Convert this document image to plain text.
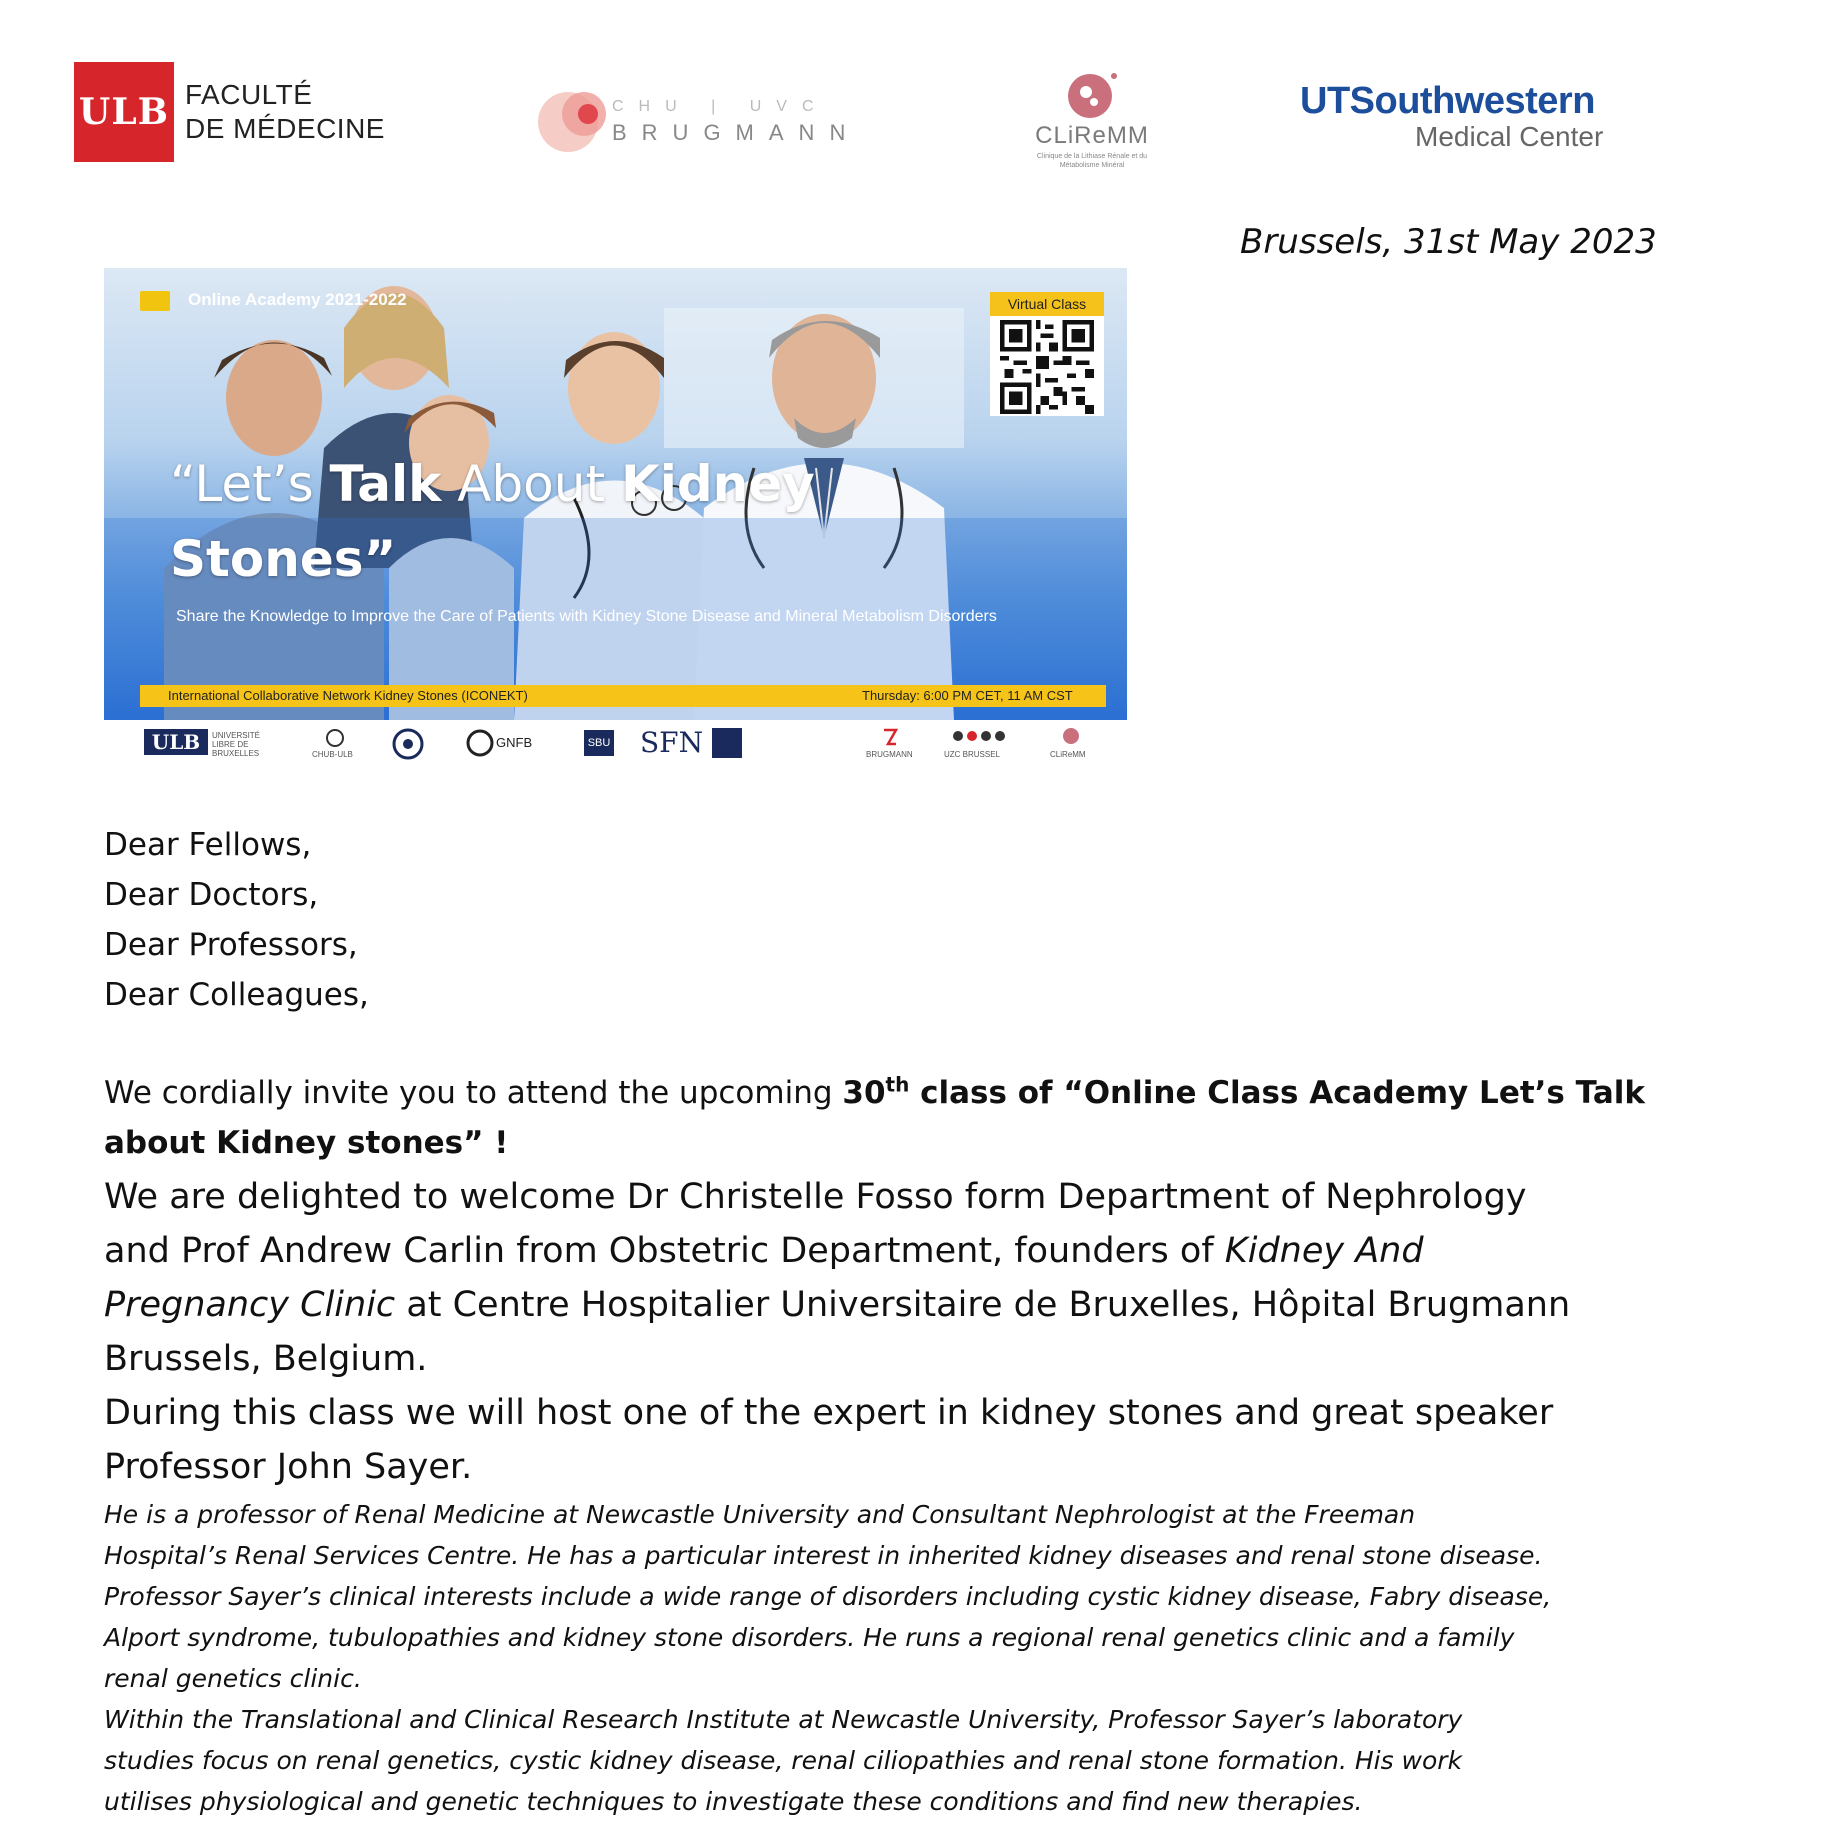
ULB FACULTÉ
DE MÉDECINE
CHU | UVC
BRUGMANN	CLiReMM
Clinique de la Lithiase Rénale et du Métabolisme Minéral
UTSouthwestern
Medical Center
Brussels, 31st May 2023
Online Academy 2021-2022	Virtual Class
“Let’s Talk About Kidney
Stones”
Share the Knowledge to Improve the Care of Patients with Kidney Stone Disease and Mineral Metabolism Disorders
International Collaborative Network Kidney Stones (ICONEKT)	Thursday: 6:00 PM CET, 11 AM CST
ULB	UNIVERSITÉ LIBRE DE BRUXELLES	CHUB-ULB
GNFB	SBU SFN	BRUGMANN	UZC BRUSSEL	CLiReMM
Dear Fellows,
Dear Doctors,
Dear Professors,
Dear Colleagues,
We cordially invite you to attend the upcoming 30th class of “Online Class Academy Let’s Talk
about Kidney stones” !
We are delighted to welcome Dr Christelle Fosso form Department of Nephrology
and Prof Andrew Carlin from Obstetric Department, founders of Kidney And
Pregnancy Clinic at Centre Hospitalier Universitaire de Bruxelles, Hôpital Brugmann
Brussels, Belgium.
During this class we will host one of the expert in kidney stones and great speaker
Professor John Sayer.
He is a professor of Renal Medicine at Newcastle University and Consultant Nephrologist at the Freeman
Hospital’s Renal Services Centre. He has a particular interest in inherited kidney diseases and renal stone disease.
Professor Sayer’s clinical interests include a wide range of disorders including cystic kidney disease, Fabry disease,
Alport syndrome, tubulopathies and kidney stone disorders. He runs a regional renal genetics clinic and a family
renal genetics clinic.
Within the Translational and Clinical Research Institute at Newcastle University, Professor Sayer’s laboratory
studies focus on renal genetics, cystic kidney disease, renal ciliopathies and renal stone formation. His work
utilises physiological and genetic techniques to investigate these conditions and find new therapies.
